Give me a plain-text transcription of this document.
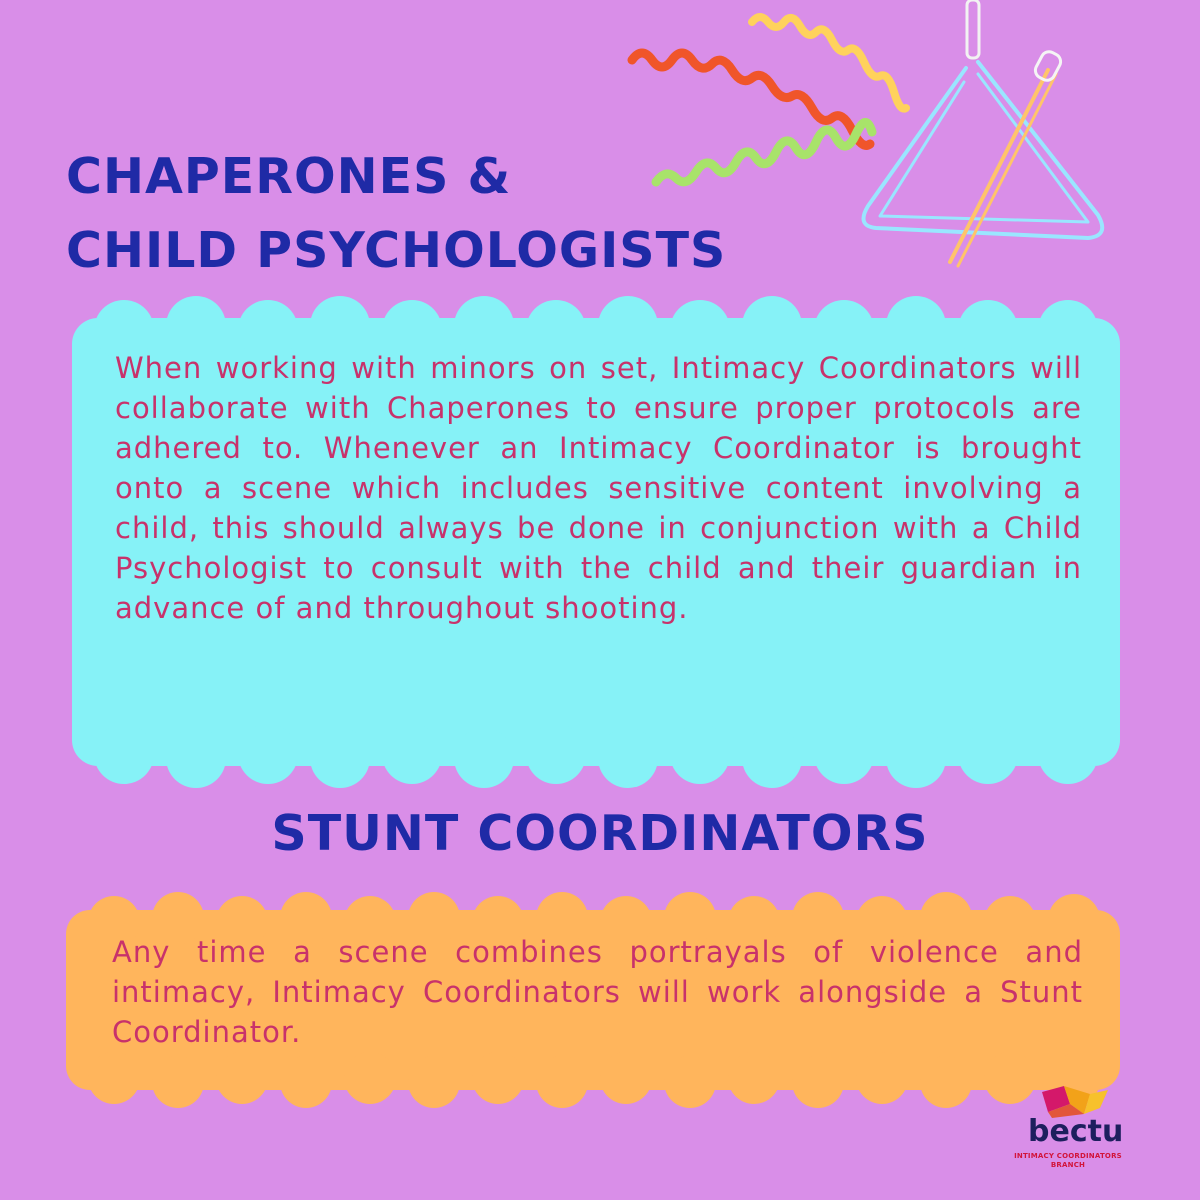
CHAPERONES &
CHILD PSYCHOLOGISTS

When working with minors on set, Intimacy Coordinators will collaborate with Chaperones to ensure proper protocols are adhered to. Whenever an Intimacy Coordinator is brought onto a scene which includes sensitive content involving a child, this should always be done in conjunction with a Child Psychologist to consult with the child and their guardian in advance of and throughout shooting.

STUNT COORDINATORS

Any time a scene combines portrayals of violence and intimacy, Intimacy Coordinators will work alongside a Stunt Coordinator.

bectu
INTIMACY COORDINATORS BRANCH
